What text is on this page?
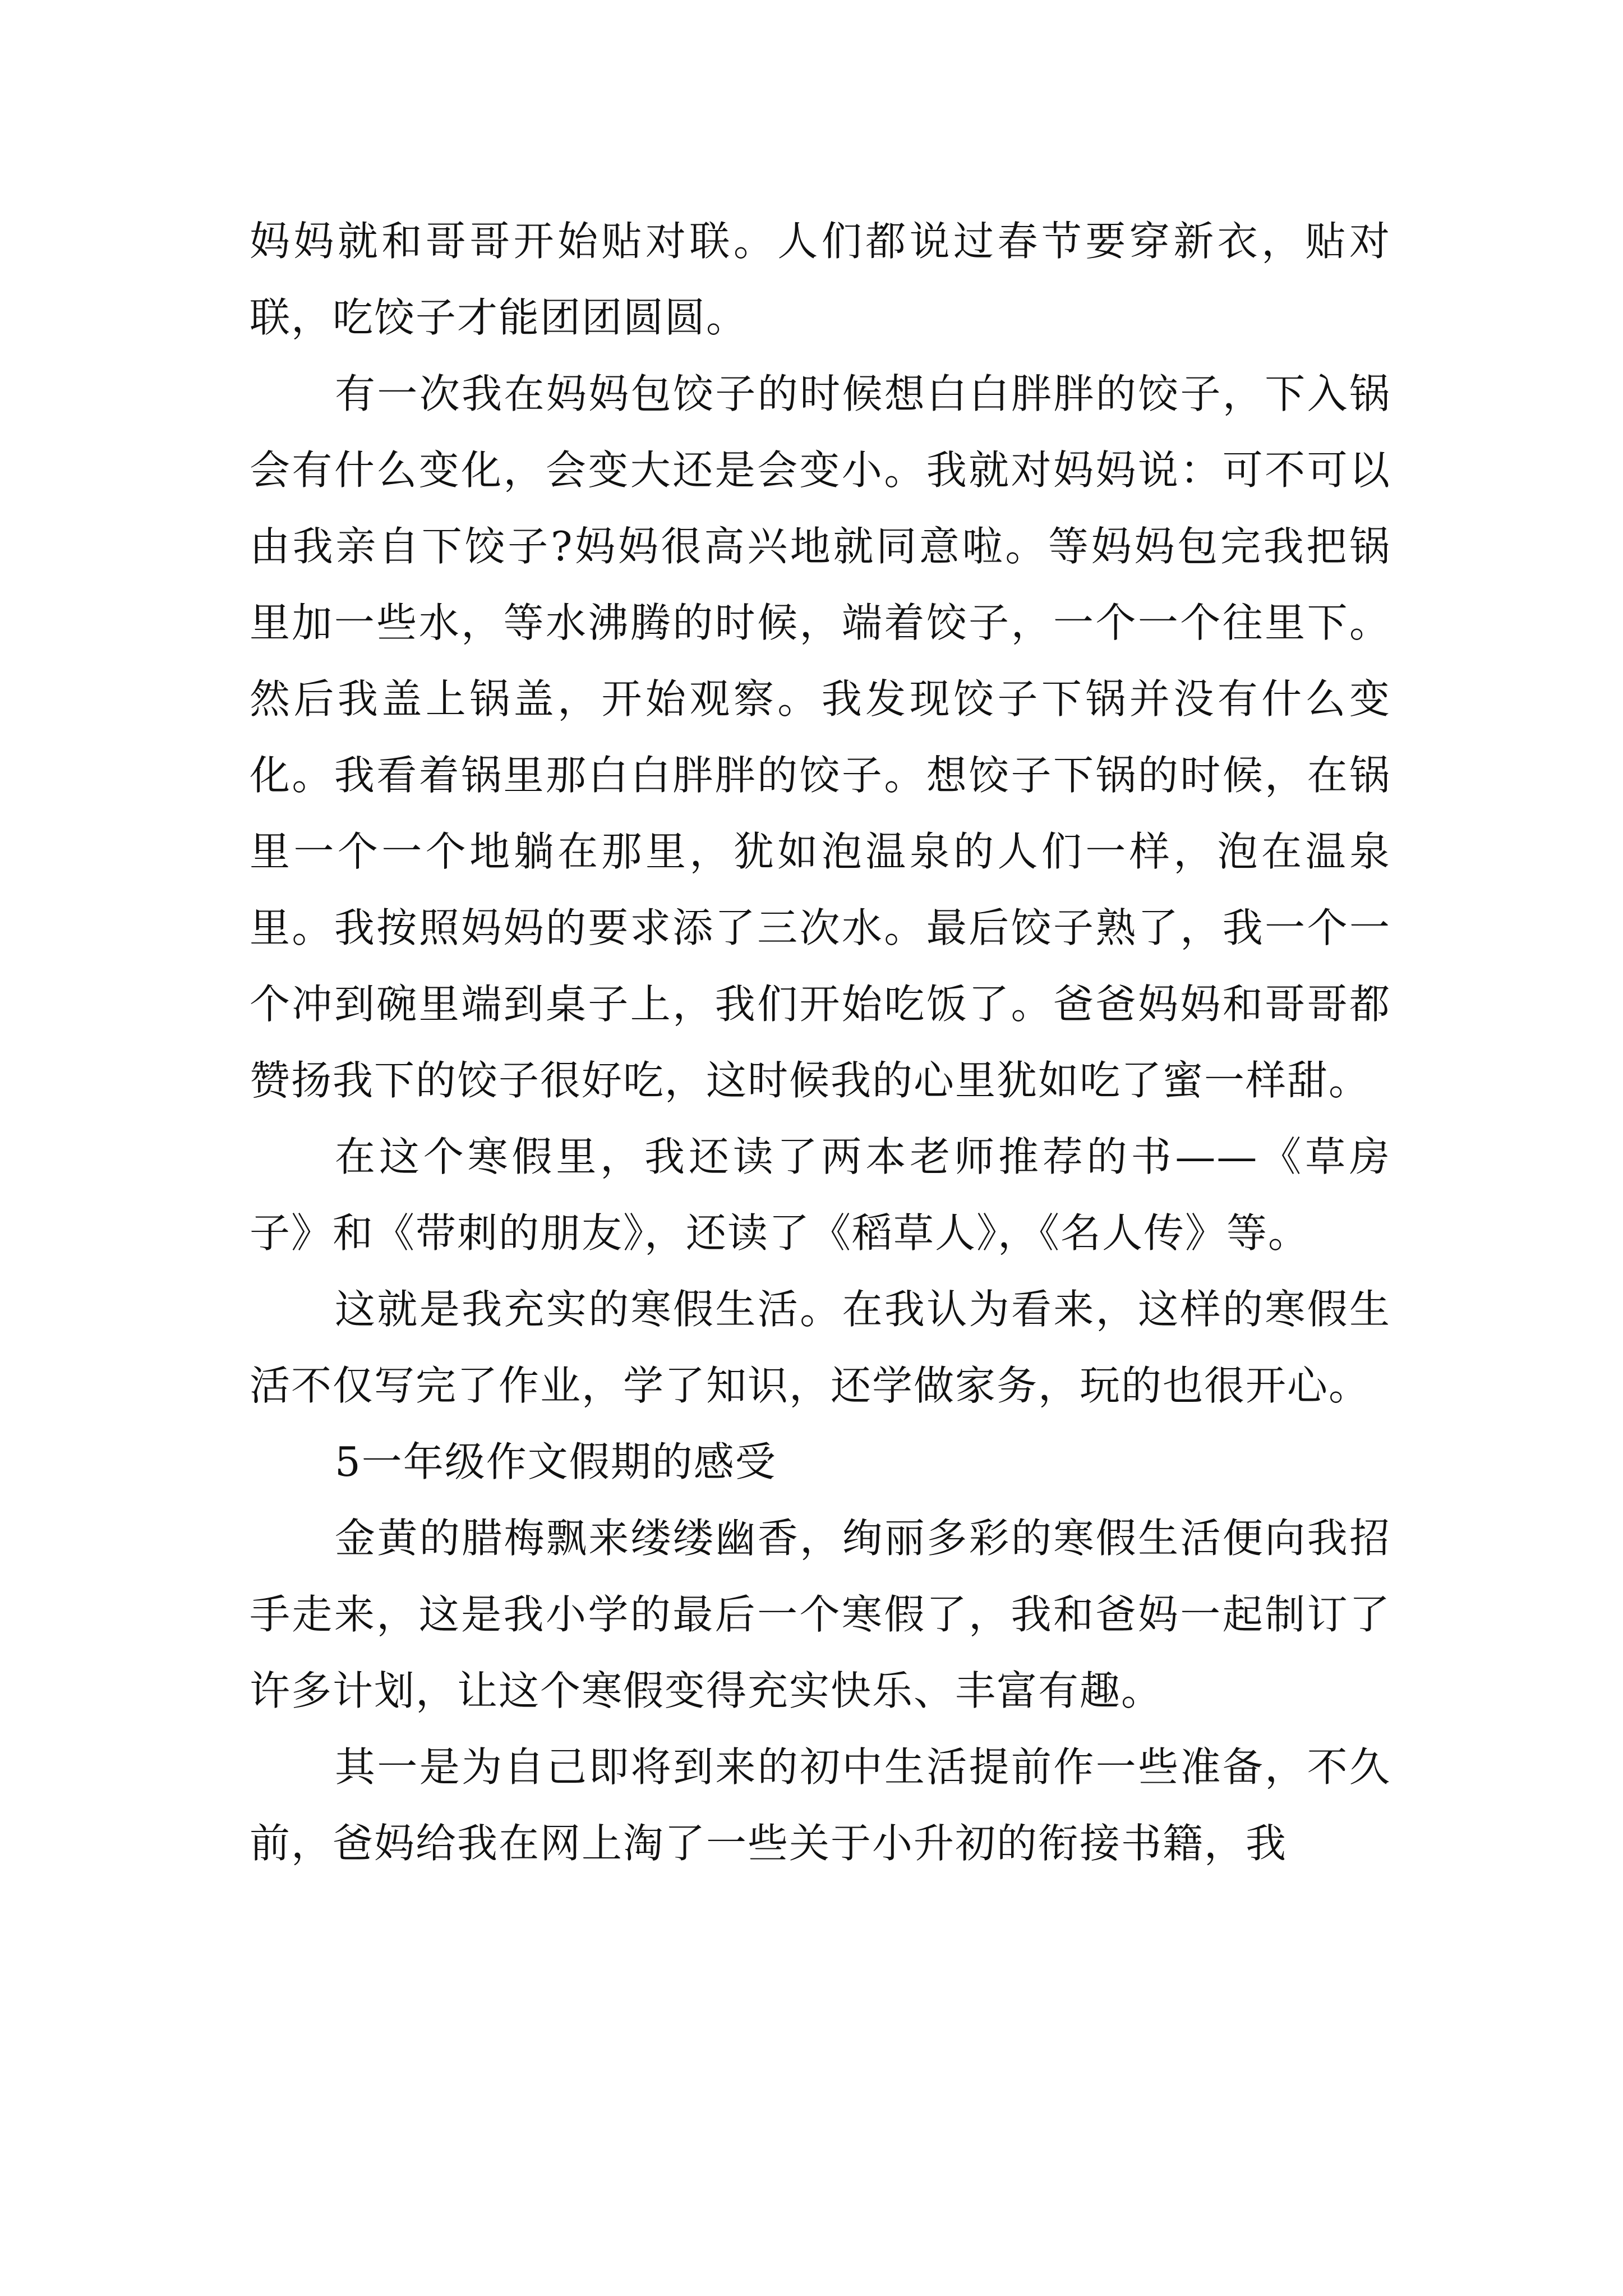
妈妈就和哥哥开始贴对联。人们都说过春节要穿新衣，贴对联，吃饺子才能团团圆圆。

有一次我在妈妈包饺子的时候想白白胖胖的饺子，下入锅会有什么变化，会变大还是会变小。我就对妈妈说：可不可以由我亲自下饺子?妈妈很高兴地就同意啦。等妈妈包完我把锅里加一些水，等水沸腾的时候，端着饺子，一个一个往里下。然后我盖上锅盖，开始观察。我发现饺子下锅并没有什么变化。我看着锅里那白白胖胖的饺子。想饺子下锅的时候，在锅里一个一个地躺在那里，犹如泡温泉的人们一样，泡在温泉里。我按照妈妈的要求添了三次水。最后饺子熟了，我一个一个冲到碗里端到桌子上，我们开始吃饭了。爸爸妈妈和哥哥都赞扬我下的饺子很好吃，这时候我的心里犹如吃了蜜一样甜。

在这个寒假里，我还读了两本老师推荐的书——《草房子》和《带刺的朋友》，还读了《稻草人》，《名人传》等。

这就是我充实的寒假生活。在我认为看来，这样的寒假生活不仅写完了作业，学了知识，还学做家务，玩的也很开心。

5一年级作文假期的感受

金黄的腊梅飘来缕缕幽香，绚丽多彩的寒假生活便向我招手走来，这是我小学的最后一个寒假了，我和爸妈一起制订了许多计划，让这个寒假变得充实快乐、丰富有趣。

其一是为自己即将到来的初中生活提前作一些准备，不久前，爸妈给我在网上淘了一些关于小升初的衔接书籍，我
